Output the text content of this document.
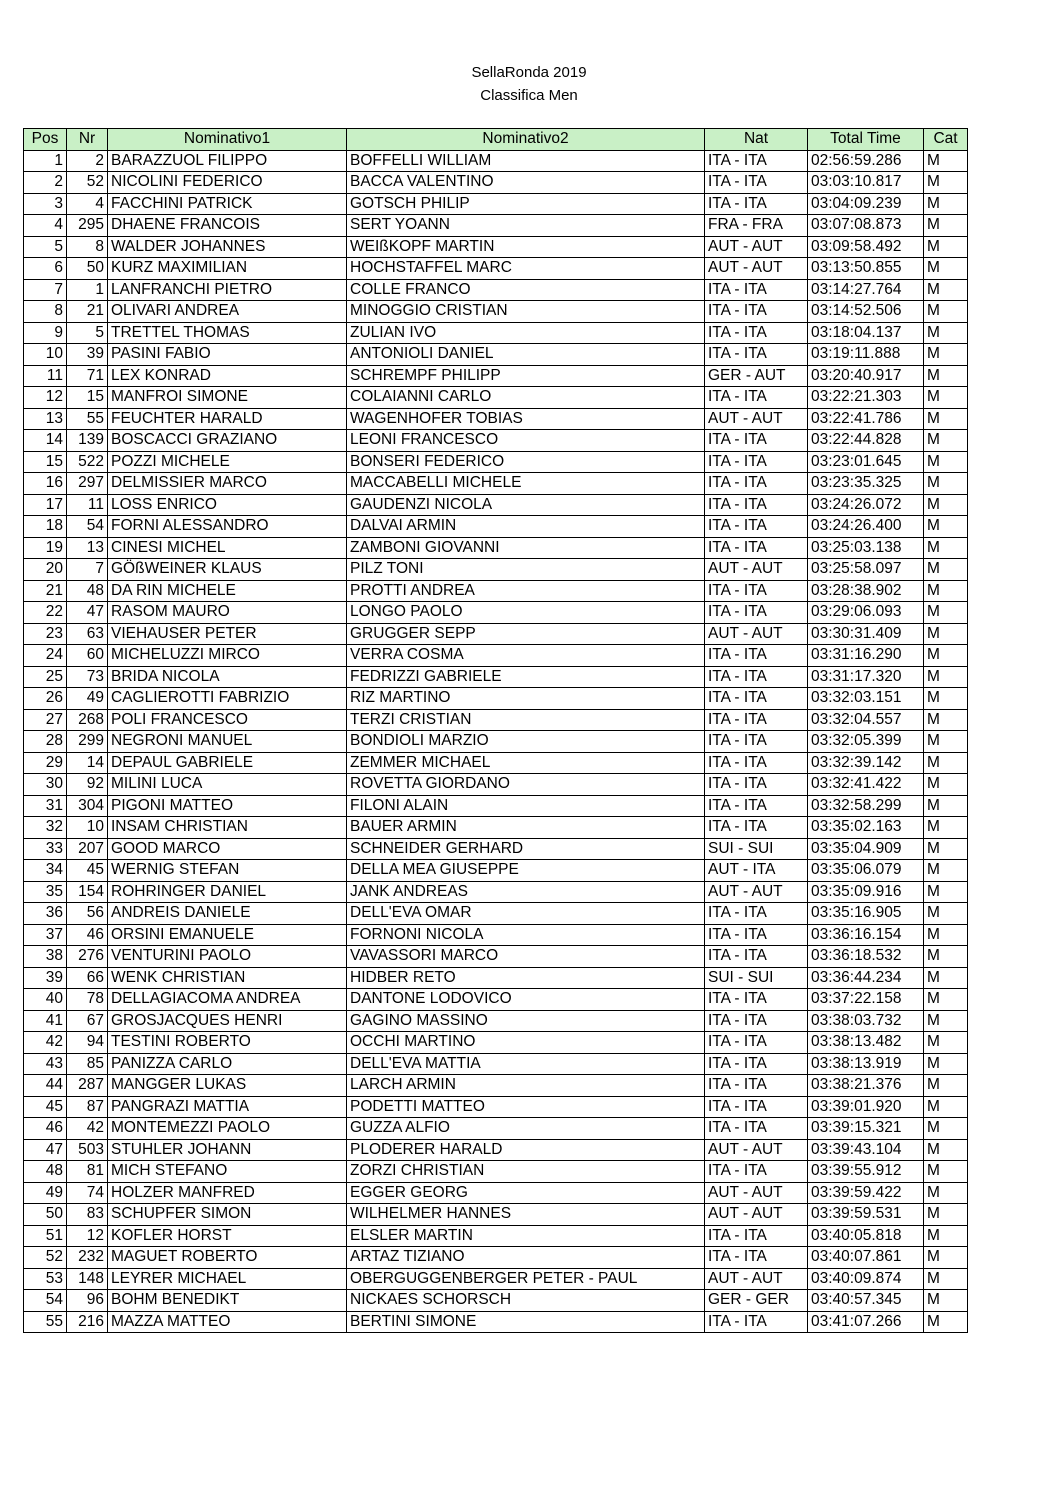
SellaRonda 2019
Classifica Men
Pos	Nr	Nominativo1	Nominativo2	Nat	Total Time	Cat
1	2	BARAZZUOL FILIPPO	BOFFELLI WILLIAM	ITA - ITA	02:56:59.286	M
2	52	NICOLINI FEDERICO	BACCA VALENTINO	ITA - ITA	03:03:10.817	M
3	4	FACCHINI PATRICK	GOTSCH PHILIP	ITA - ITA	03:04:09.239	M
4	295	DHAENE FRANCOIS	SERT YOANN	FRA - FRA	03:07:08.873	M
5	8	WALDER JOHANNES	WEIßKOPF MARTIN	AUT - AUT	03:09:58.492	M
6	50	KURZ MAXIMILIAN	HOCHSTAFFEL MARC	AUT - AUT	03:13:50.855	M
7	1	LANFRANCHI PIETRO	COLLE FRANCO	ITA - ITA	03:14:27.764	M
8	21	OLIVARI ANDREA	MINOGGIO CRISTIAN	ITA - ITA	03:14:52.506	M
9	5	TRETTEL THOMAS	ZULIAN IVO	ITA - ITA	03:18:04.137	M
10	39	PASINI FABIO	ANTONIOLI DANIEL	ITA - ITA	03:19:11.888	M
11	71	LEX KONRAD	SCHREMPF PHILIPP	GER - AUT	03:20:40.917	M
12	15	MANFROI SIMONE	COLAIANNI CARLO	ITA - ITA	03:22:21.303	M
13	55	FEUCHTER HARALD	WAGENHOFER TOBIAS	AUT - AUT	03:22:41.786	M
14	139	BOSCACCI GRAZIANO	LEONI FRANCESCO	ITA - ITA	03:22:44.828	M
15	522	POZZI MICHELE	BONSERI FEDERICO	ITA - ITA	03:23:01.645	M
16	297	DELMISSIER MARCO	MACCABELLI MICHELE	ITA - ITA	03:23:35.325	M
17	11	LOSS ENRICO	GAUDENZI NICOLA	ITA - ITA	03:24:26.072	M
18	54	FORNI ALESSANDRO	DALVAI ARMIN	ITA - ITA	03:24:26.400	M
19	13	CINESI MICHEL	ZAMBONI GIOVANNI	ITA - ITA	03:25:03.138	M
20	7	GÖßWEINER KLAUS	PILZ TONI	AUT - AUT	03:25:58.097	M
21	48	DA RIN MICHELE	PROTTI ANDREA	ITA - ITA	03:28:38.902	M
22	47	RASOM MAURO	LONGO PAOLO	ITA - ITA	03:29:06.093	M
23	63	VIEHAUSER PETER	GRUGGER SEPP	AUT - AUT	03:30:31.409	M
24	60	MICHELUZZI MIRCO	VERRA COSMA	ITA - ITA	03:31:16.290	M
25	73	BRIDA NICOLA	FEDRIZZI GABRIELE	ITA - ITA	03:31:17.320	M
26	49	CAGLIEROTTI FABRIZIO	RIZ MARTINO	ITA - ITA	03:32:03.151	M
27	268	POLI FRANCESCO	TERZI CRISTIAN	ITA - ITA	03:32:04.557	M
28	299	NEGRONI MANUEL	BONDIOLI MARZIO	ITA - ITA	03:32:05.399	M
29	14	DEPAUL GABRIELE	ZEMMER MICHAEL	ITA - ITA	03:32:39.142	M
30	92	MILINI LUCA	ROVETTA GIORDANO	ITA - ITA	03:32:41.422	M
31	304	PIGONI MATTEO	FILONI ALAIN	ITA - ITA	03:32:58.299	M
32	10	INSAM CHRISTIAN	BAUER ARMIN	ITA - ITA	03:35:02.163	M
33	207	GOOD MARCO	SCHNEIDER GERHARD	SUI - SUI	03:35:04.909	M
34	45	WERNIG STEFAN	DELLA MEA GIUSEPPE	AUT - ITA	03:35:06.079	M
35	154	ROHRINGER DANIEL	JANK ANDREAS	AUT - AUT	03:35:09.916	M
36	56	ANDREIS DANIELE	DELL'EVA OMAR	ITA - ITA	03:35:16.905	M
37	46	ORSINI EMANUELE	FORNONI NICOLA	ITA - ITA	03:36:16.154	M
38	276	VENTURINI PAOLO	VAVASSORI MARCO	ITA - ITA	03:36:18.532	M
39	66	WENK CHRISTIAN	HIDBER RETO	SUI - SUI	03:36:44.234	M
40	78	DELLAGIACOMA ANDREA	DANTONE LODOVICO	ITA - ITA	03:37:22.158	M
41	67	GROSJACQUES HENRI	GAGINO MASSINO	ITA - ITA	03:38:03.732	M
42	94	TESTINI ROBERTO	OCCHI MARTINO	ITA - ITA	03:38:13.482	M
43	85	PANIZZA CARLO	DELL'EVA MATTIA	ITA - ITA	03:38:13.919	M
44	287	MANGGER LUKAS	LARCH ARMIN	ITA - ITA	03:38:21.376	M
45	87	PANGRAZI MATTIA	PODETTI MATTEO	ITA - ITA	03:39:01.920	M
46	42	MONTEMEZZI PAOLO	GUZZA ALFIO	ITA - ITA	03:39:15.321	M
47	503	STUHLER JOHANN	PLODERER HARALD	AUT - AUT	03:39:43.104	M
48	81	MICH STEFANO	ZORZI CHRISTIAN	ITA - ITA	03:39:55.912	M
49	74	HOLZER MANFRED	EGGER GEORG	AUT - AUT	03:39:59.422	M
50	83	SCHUPFER SIMON	WILHELMER HANNES	AUT - AUT	03:39:59.531	M
51	12	KOFLER HORST	ELSLER MARTIN	ITA - ITA	03:40:05.818	M
52	232	MAGUET ROBERTO	ARTAZ TIZIANO	ITA - ITA	03:40:07.861	M
53	148	LEYRER MICHAEL	OBERGUGGENBERGER PETER - PAUL	AUT - AUT	03:40:09.874	M
54	96	BOHM BENEDIKT	NICKAES SCHORSCH	GER - GER	03:40:57.345	M
55	216	MAZZA MATTEO	BERTINI SIMONE	ITA - ITA	03:41:07.266	M
